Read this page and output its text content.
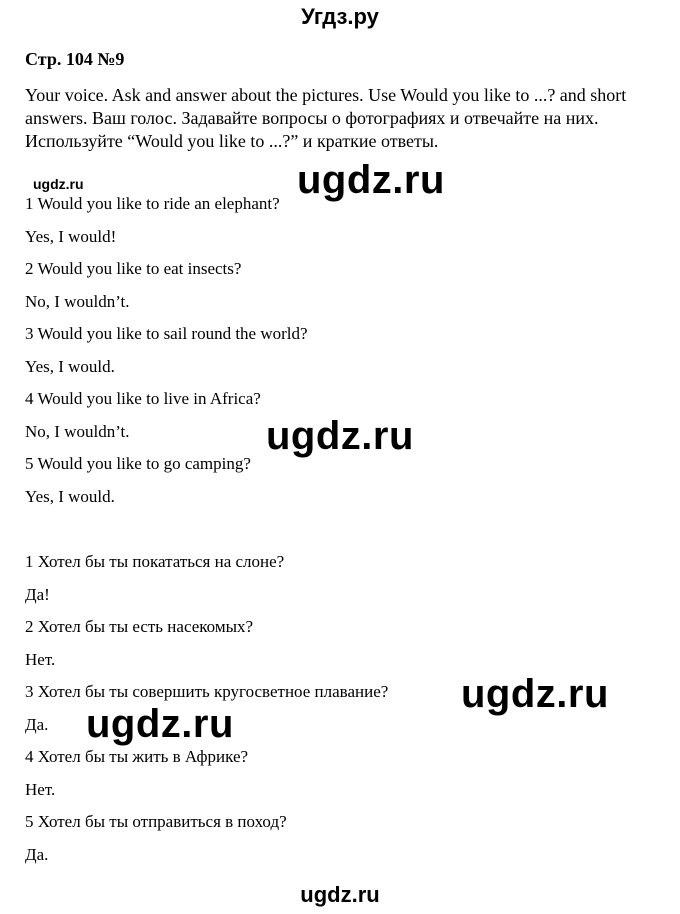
Угдз.ру
Стр. 104 №9
Your voice. Ask and answer about the pictures. Use Would you like to ...? and short answers. Ваш голос. Задавайте вопросы о фотографиях и отвечайте на них. Используйте “Would you like to ...?” и краткие ответы.
ugdz.ru
1 Would you like to ride an elephant?
Yes, I would!
2 Would you like to eat insects?
No, I wouldn’t.
3 Would you like to sail round the world?
Yes, I would.
4 Would you like to live in Africa?
No, I wouldn’t.
5 Would you like to go camping?
Yes, I would.
1 Хотел бы ты покататься на слоне?
Да!
2 Хотел бы ты есть насекомых?
Нет.
3 Хотел бы ты совершить кругосветное плавание?
Да.
4 Хотел бы ты жить в Африке?
Нет.
5 Хотел бы ты отправиться в поход?
Да.
ugdz.ru
ugdz.ru
ugdz.ru
ugdz.ru
ugdz.ru
